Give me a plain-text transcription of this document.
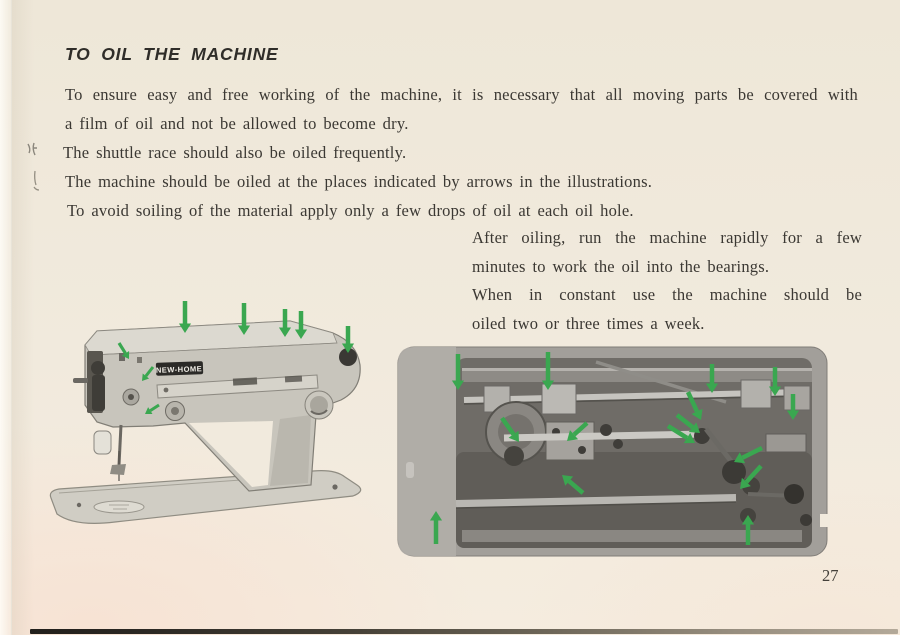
TO OIL THE MACHINE
To ensure easy and free working of the machine, it is necessary that all moving parts be covered with
a film of oil and not be allowed to become dry.
The shuttle race should also be oiled frequently.
The machine should be oiled at the places indicated by arrows in the illustrations.
To avoid soiling of the material apply only a few drops of oil at each oil hole.
After oiling, run the machine rapidly for a few
minutes to work the oil into the bearings.
When in constant use the machine should be
oiled two or three times a week.
NEW-HOME
27
